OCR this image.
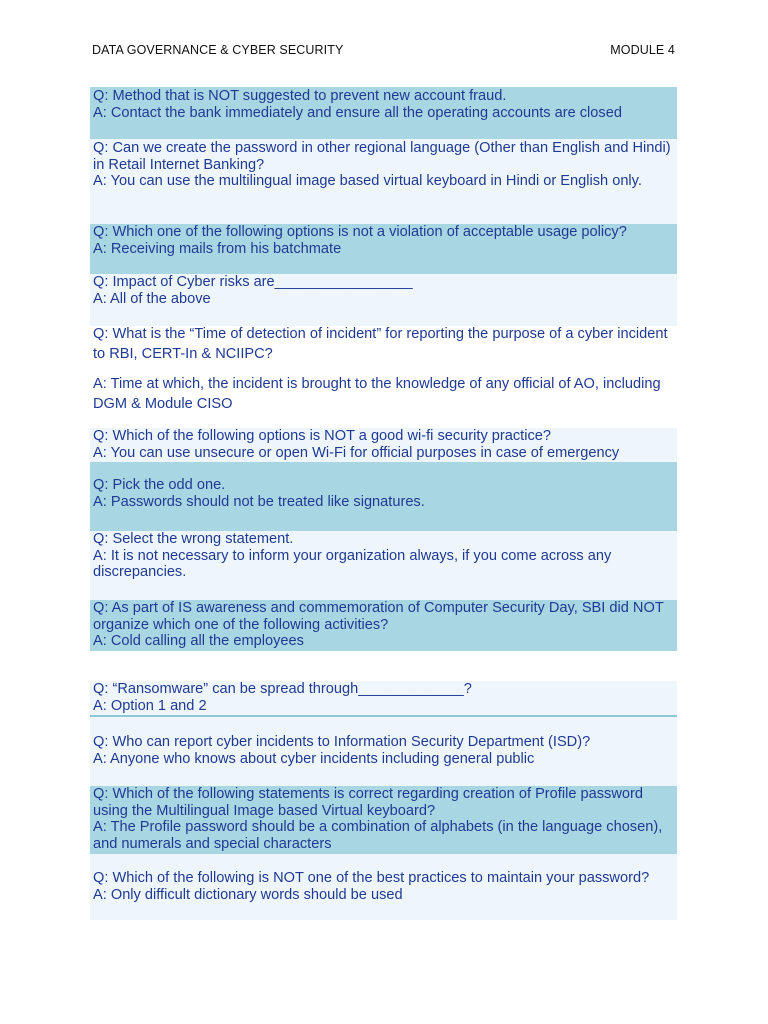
DATA GOVERNANCE & CYBER SECURITY	MODULE 4
Q: Method that is NOT suggested to prevent new account fraud.
A: Contact the bank immediately and ensure all the operating accounts are closed
Q: Can we create the password in other regional language (Other than English and Hindi) in Retail Internet Banking?
A: You can use the multilingual image based virtual keyboard in Hindi or English only.
Q: Which one of the following options is not a violation of acceptable usage policy?
A: Receiving mails from his batchmate
Q: Impact of Cyber risks are_________________
A: All of the above
Q: What is the “Time of detection of incident” for reporting the purpose of a cyber incident to RBI, CERT-In & NCIIPC?
A: Time at which, the incident is brought to the knowledge of any official of AO, including DGM & Module CISO
Q: Which of the following options is NOT a good wi-fi security practice?
A: You can use unsecure or open Wi-Fi for official purposes in case of emergency
Q: Pick the odd one.
A: Passwords should not be treated like signatures.
Q: Select the wrong statement.
A: It is not necessary to inform your organization always, if you come across any discrepancies.
Q: As part of IS awareness and commemoration of Computer Security Day, SBI did NOT organize which one of the following activities?
A: Cold calling all the employees
Q: “Ransomware” can be spread through_____________?
A: Option 1 and 2
Q: Who can report cyber incidents to Information Security Department (ISD)?
A: Anyone who knows about cyber incidents including general public
Q: Which of the following statements is correct regarding creation of Profile password using the Multilingual Image based Virtual keyboard?
A: The Profile password should be a combination of alphabets (in the language chosen), and numerals and special characters
Q: Which of the following is NOT one of the best practices to maintain your password?
A: Only difficult dictionary words should be used
